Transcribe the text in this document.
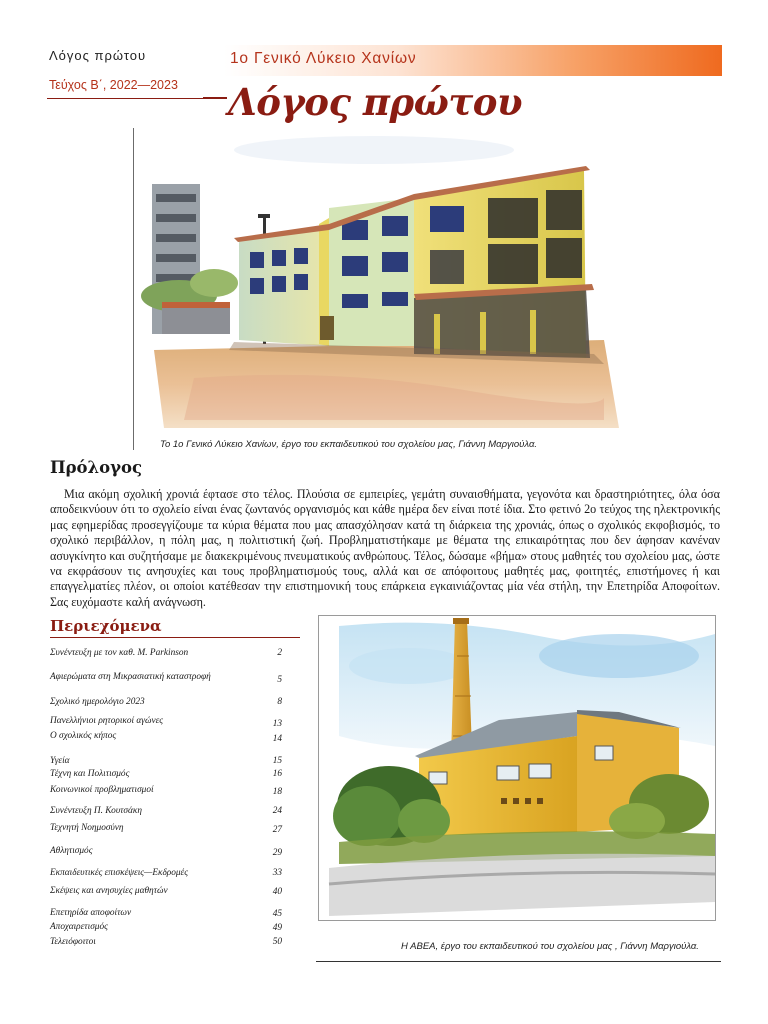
Λόγος πρώτου
Τεύχος Β΄, 2022—2023
1ο Γενικό Λύκειο Χανίων
Λόγος πρώτου
Το 1ο Γενικό Λύκειο Χανίων, έργο του εκπαιδευτικού του σχολείου μας, Γιάννη Μαργιούλα.
Πρόλογος
Μια ακόμη σχολική χρονιά έφτασε στο τέλος. Πλούσια σε εμπειρίες, γεμάτη συναισθήματα, γεγονότα και δραστηριότητες, όλα όσα αποδεικνύουν ότι το σχολείο είναι ένας ζωντανός οργανισμός και κάθε ημέρα δεν είναι ποτέ ίδια. Στο φετινό 2ο τεύχος της ηλεκτρονικής μας εφημερίδας προσεγγίζουμε τα κύρια θέματα που μας απασχόλησαν κατά τη διάρκεια της χρονιάς, όπως ο σχολικός εκφοβισμός, το σχολικό περιβάλλον, η πόλη μας, η πολιτιστική ζωή. Προβληματιστήκαμε με θέματα της επικαιρότητας που δεν άφησαν κανέναν ασυγκίνητο και συζητήσαμε με διακεκριμένους πνευματικούς ανθρώπους. Τέλος, δώσαμε «βήμα» στους μαθητές του σχολείου μας, ώστε να εκφράσουν τις ανησυχίες και τους προβληματισμούς τους, αλλά και σε απόφοιτους μαθητές μας, φοιτητές, επιστήμονες ή και επαγγελματίες πλέον, οι οποίοι κατέθεσαν την επιστημονική τους επάρκεια εγκαινιάζοντας μία νέα στήλη, την Επετηρίδα Αποφοίτων. Σας ευχόμαστε καλή ανάγνωση.
Περιεχόμενα
Συνέντευξη με τον καθ. Μ. Parkinson	2
Αφιερώματα στη Μικρασιατική καταστροφή	5
Σχολικό ημερολόγιο 2023	8
Πανελλήνιοι ρητορικοί αγώνες	13
Ο σχολικός κήπος	14
Υγεία	15
Τέχνη και Πολιτισμός	16
Κοινωνικοί προβληματισμοί	18
Συνέντευξη Π. Κουτσάκη	24
Τεχνητή Νοημοσύνη	27
Αθλητισμός	29
Εκπαιδευτικές επισκέψεις—Εκδρομές	33
Σκέψεις και ανησυχίες μαθητών	40
Επετηρίδα αποφοίτων	45
Αποχαιρετισμός	49
Τελειόφοιτοι	50	Η ΑΒΕΑ, έργο του εκπαιδευτικού του σχολείου μας , Γιάννη Μαργιούλα.
